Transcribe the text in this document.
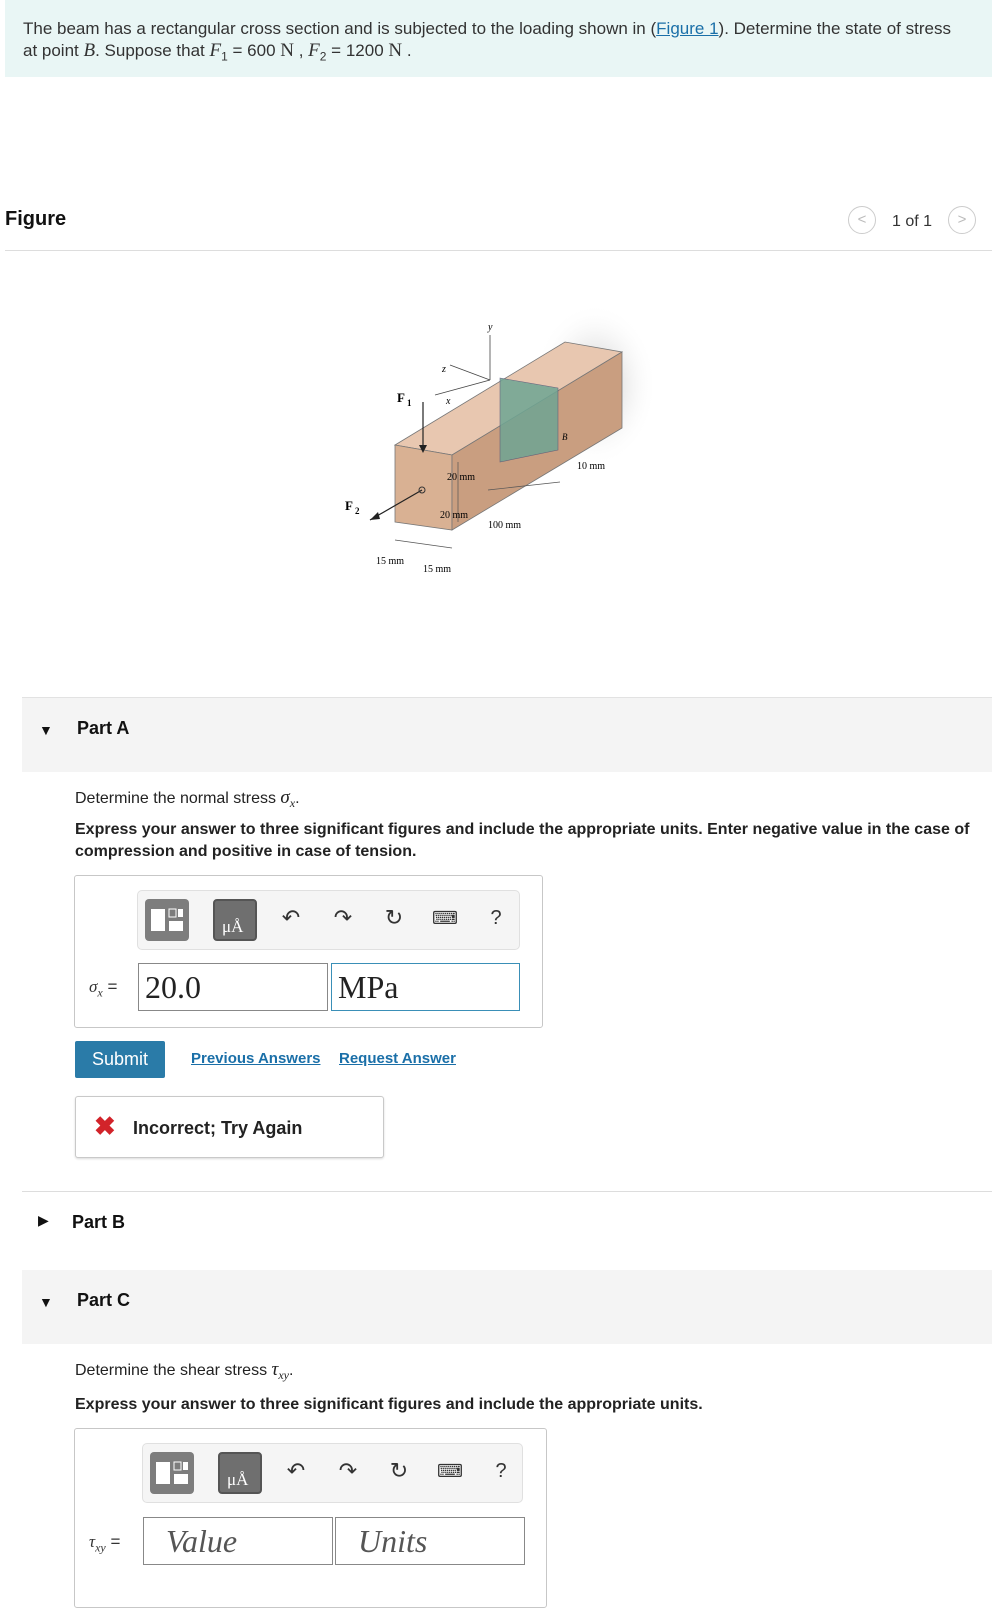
The beam has a rectangular cross section and is subjected to the loading shown in (Figure 1). Determine the state of stress
at point B. Suppose that $F_1 = 600$ N , $F_2 = 1200$ N .
Figure	<	1 of 1	>
y
z
x
F 1
F 2
20 mm
20 mm
10 mm
100 mm
15 mm
15 mm
B
▼ Part A
Determine the normal stress $\sigma_x$.
Express your answer to three significant figures and include the appropriate units. Enter negative value in the case of compression and positive in case of tension.
μÅ ↶ ↷ ↻	⌨	?
$\sigma_x = 20.0$	MPa
Submit	Previous Answers Request Answer
✖ Incorrect; Try Again
▶ Part B
▼ Part C
Determine the shear stress $\tau_{xy}$.
Express your answer to three significant figures and include the appropriate units.
μÅ ↶ ↷ ↻	⌨	?
$\tau_{xy}$ =	Value	Units
